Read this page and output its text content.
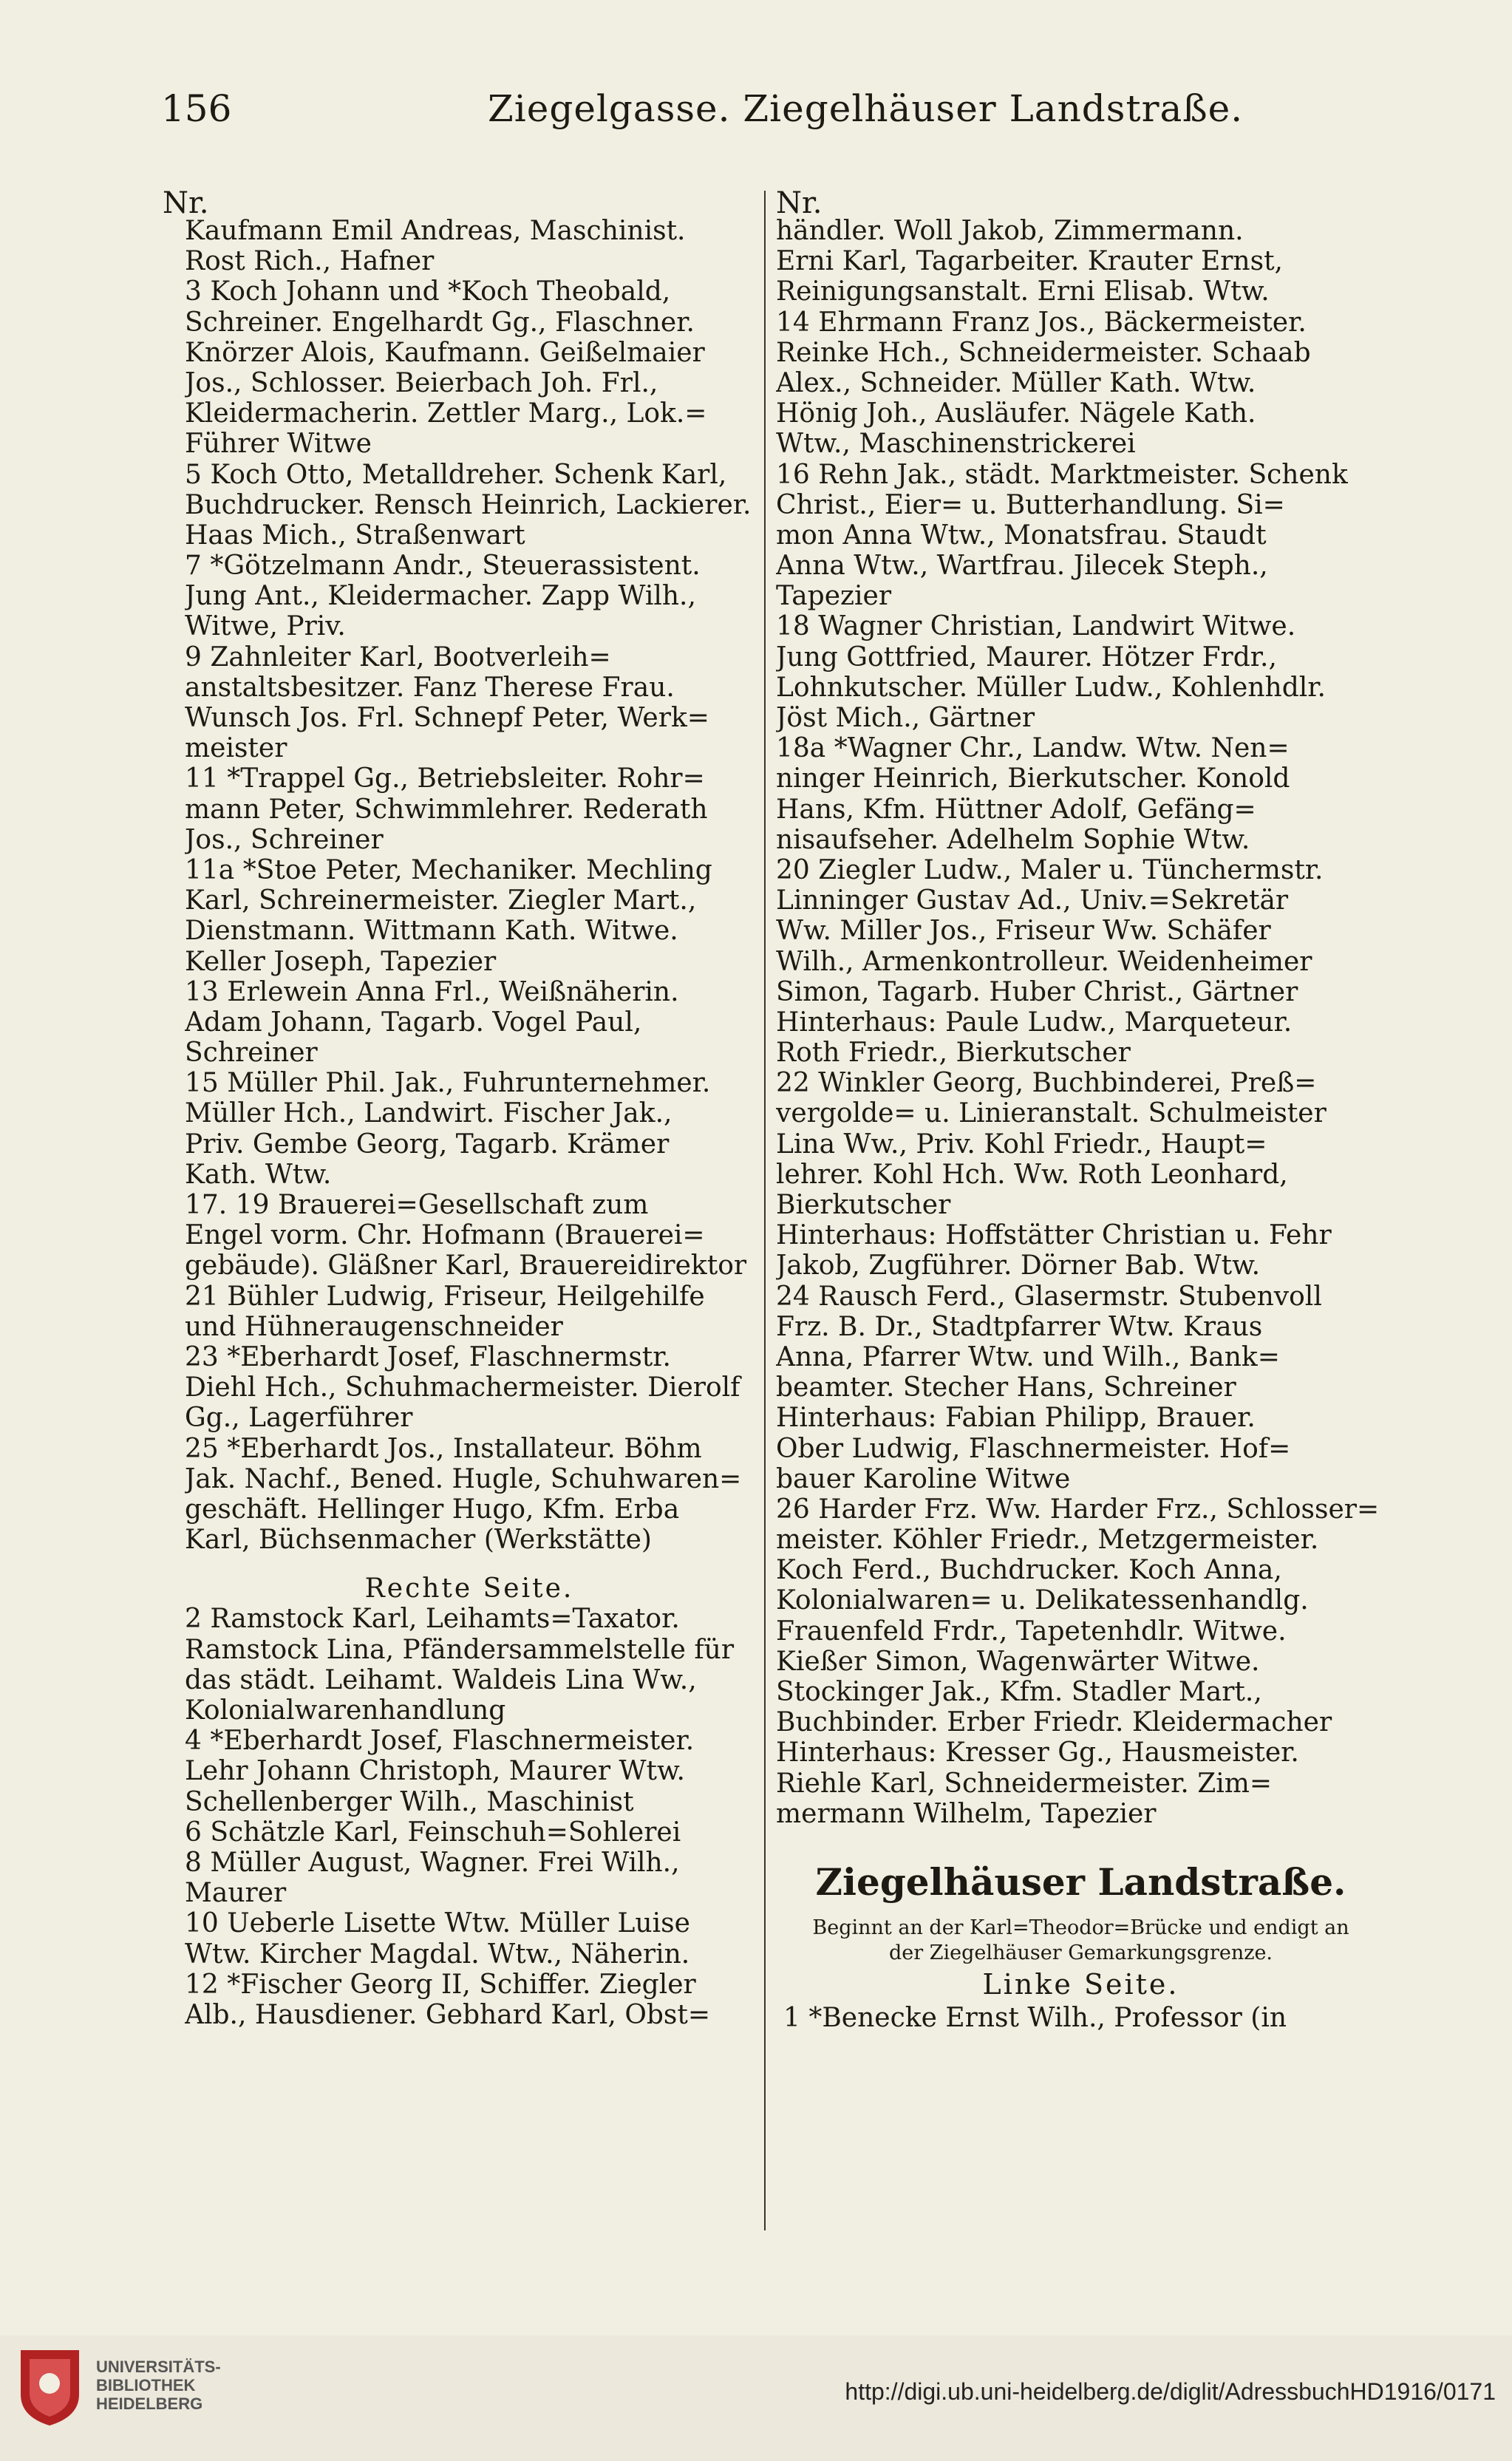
156	Ziegelgasse. Ziegelhäuser Landstraße.
Nr.
Kaufmann Emil Andreas, Maschinist.
Rost Rich., Hafner
3 Koch Johann und *Koch Theobald,
Schreiner. Engelhardt Gg., Flaschner.
Knörzer Alois, Kaufmann. Geißelmaier
Jos., Schlosser. Beierbach Joh. Frl.,
Kleidermacherin. Zettler Marg., Lok.=
Führer Witwe
5 Koch Otto, Metalldreher. Schenk Karl,
Buchdrucker. Rensch Heinrich, Lackierer.
Haas Mich., Straßenwart
7 *Götzelmann Andr., Steuerassistent.
Jung Ant., Kleidermacher. Zapp Wilh.,
Witwe, Priv.
9 Zahnleiter Karl, Bootverleih=
anstaltsbesitzer. Fanz Therese Frau.
Wunsch Jos. Frl. Schnepf Peter, Werk=
meister
11 *Trappel Gg., Betriebsleiter. Rohr=
mann Peter, Schwimmlehrer. Rederath
Jos., Schreiner
11a *Stoe Peter, Mechaniker. Mechling
Karl, Schreinermeister. Ziegler Mart.,
Dienstmann. Wittmann Kath. Witwe.
Keller Joseph, Tapezier
13 Erlewein Anna Frl., Weißnäherin.
Adam Johann, Tagarb. Vogel Paul,
Schreiner
15 Müller Phil. Jak., Fuhrunternehmer.
Müller Hch., Landwirt. Fischer Jak.,
Priv. Gembe Georg, Tagarb. Krämer
Kath. Wtw.
17. 19 Brauerei=Gesellschaft zum
Engel vorm. Chr. Hofmann (Brauerei=
gebäude). Gläßner Karl, Brauereidirektor
21 Bühler Ludwig, Friseur, Heilgehilfe
und Hühneraugenschneider
23 *Eberhardt Josef, Flaschnermstr.
Diehl Hch., Schuhmachermeister. Dierolf
Gg., Lagerführer
25 *Eberhardt Jos., Installateur. Böhm
Jak. Nachf., Bened. Hugle, Schuhwaren=
geschäft. Hellinger Hugo, Kfm. Erba
Karl, Büchsenmacher (Werkstätte)
Rechte Seite.
2 Ramstock Karl, Leihamts=Taxator.
Ramstock Lina, Pfändersammelstelle für
das städt. Leihamt. Waldeis Lina Ww.,
Kolonialwarenhandlung
4 *Eberhardt Josef, Flaschnermeister.
Lehr Johann Christoph, Maurer Wtw.
Schellenberger Wilh., Maschinist
6 Schätzle Karl, Feinschuh=Sohlerei
8 Müller August, Wagner. Frei Wilh.,
Maurer
10 Ueberle Lisette Wtw. Müller Luise
Wtw. Kircher Magdal. Wtw., Näherin.
12 *Fischer Georg II, Schiffer. Ziegler
Alb., Hausdiener. Gebhard Karl, Obst=
Nr.
händler. Woll Jakob, Zimmermann.
Erni Karl, Tagarbeiter. Krauter Ernst,
Reinigungsanstalt. Erni Elisab. Wtw.
14 Ehrmann Franz Jos., Bäckermeister.
Reinke Hch., Schneidermeister. Schaab
Alex., Schneider. Müller Kath. Wtw.
Hönig Joh., Ausläufer. Nägele Kath.
Wtw., Maschinenstrickerei
16 Rehn Jak., städt. Marktmeister. Schenk
Christ., Eier= u. Butterhandlung. Si=
mon Anna Wtw., Monatsfrau. Staudt
Anna Wtw., Wartfrau. Jilecek Steph.,
Tapezier
18 Wagner Christian, Landwirt Witwe.
Jung Gottfried, Maurer. Hötzer Frdr.,
Lohnkutscher. Müller Ludw., Kohlenhdlr.
Jöst Mich., Gärtner
18a *Wagner Chr., Landw. Wtw. Nen=
ninger Heinrich, Bierkutscher. Konold
Hans, Kfm. Hüttner Adolf, Gefäng=
nisaufseher. Adelhelm Sophie Wtw.
20 Ziegler Ludw., Maler u. Tünchermstr.
Linninger Gustav Ad., Univ.=Sekretär
Ww. Miller Jos., Friseur Ww. Schäfer
Wilh., Armenkontrolleur. Weidenheimer
Simon, Tagarb. Huber Christ., Gärtner
Hinterhaus: Paule Ludw., Marqueteur.
Roth Friedr., Bierkutscher
22 Winkler Georg, Buchbinderei, Preß=
vergolde= u. Linieranstalt. Schulmeister
Lina Ww., Priv. Kohl Friedr., Haupt=
lehrer. Kohl Hch. Ww. Roth Leonhard,
Bierkutscher
Hinterhaus: Hoffstätter Christian u. Fehr
Jakob, Zugführer. Dörner Bab. Wtw.
24 Rausch Ferd., Glasermstr. Stubenvoll
Frz. B. Dr., Stadtpfarrer Wtw. Kraus
Anna, Pfarrer Wtw. und Wilh., Bank=
beamter. Stecher Hans, Schreiner
Hinterhaus: Fabian Philipp, Brauer.
Ober Ludwig, Flaschnermeister. Hof=
bauer Karoline Witwe
26 Harder Frz. Ww. Harder Frz., Schlosser=
meister. Köhler Friedr., Metzgermeister.
Koch Ferd., Buchdrucker. Koch Anna,
Kolonialwaren= u. Delikatessenhandlg.
Frauenfeld Frdr., Tapetenhdlr. Witwe.
Kießer Simon, Wagenwärter Witwe.
Stockinger Jak., Kfm. Stadler Mart.,
Buchbinder. Erber Friedr. Kleidermacher
Hinterhaus: Kresser Gg., Hausmeister.
Riehle Karl, Schneidermeister. Zim=
mermann Wilhelm, Tapezier
Ziegelhäuser Landstraße.
Beginnt an der Karl=Theodor=Brücke und endigt an
der Ziegelhäuser Gemarkungsgrenze.
Linke Seite.
1 *Benecke Ernst Wilh., Professor (in
UNIVERSITÄTS-
BIBLIOTHEK
HEIDELBERG	http://digi.ub.uni-heidelberg.de/diglit/AdressbuchHD1916/0171
